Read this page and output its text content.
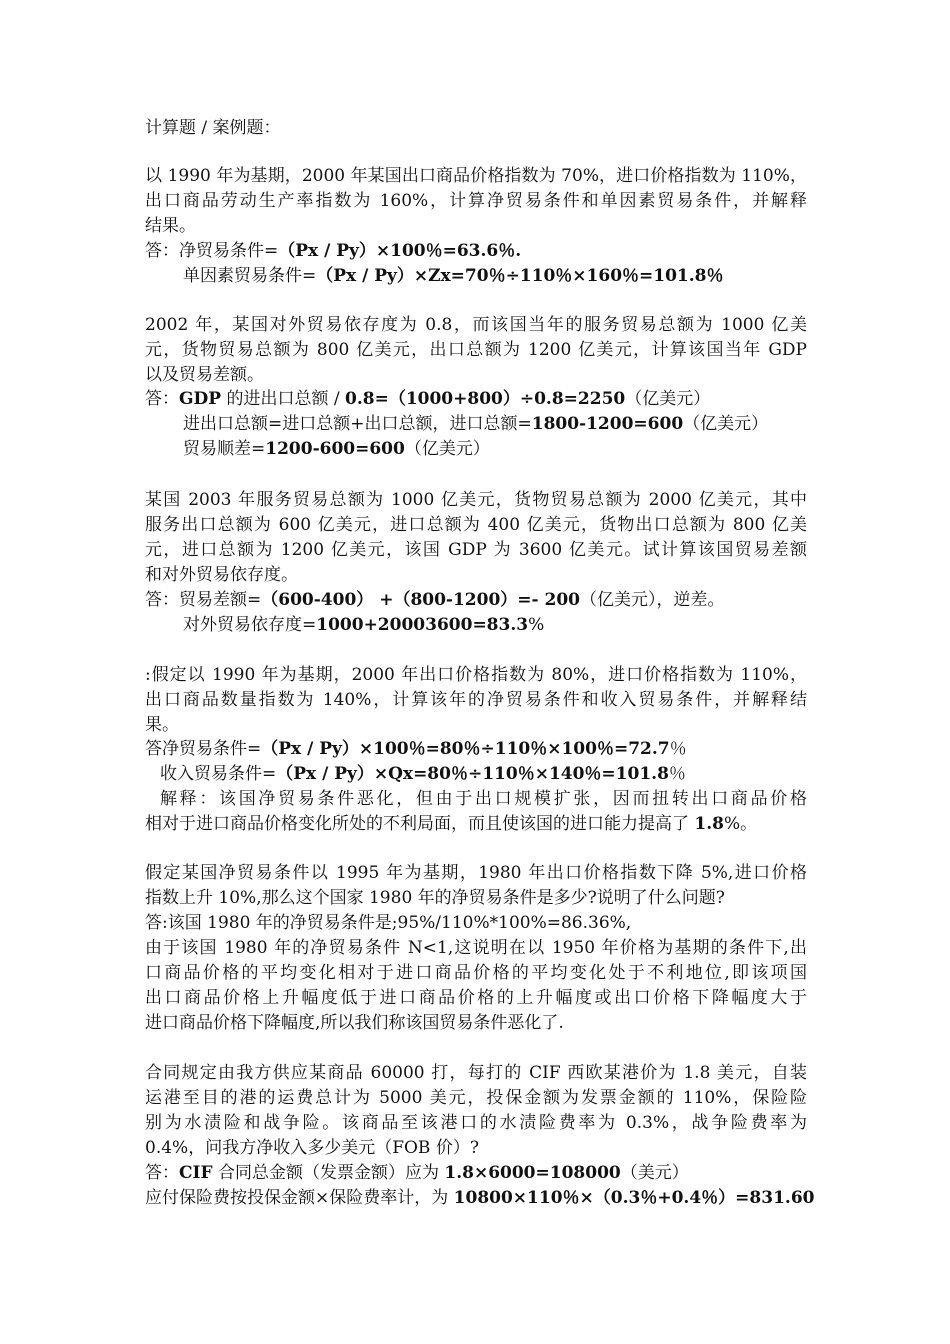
计算题 / 案例题：
以 1990 年为基期，2000 年某国出口商品价格指数为 70%，进口价格指数为 110%，
出口商品劳动生产率指数为 160%，计算净贸易条件和单因素贸易条件，并解释
结果。
答：净贸易条件=（Px / Py）×100％=63.6％.
单因素贸易条件=（Px / Py）×Zx=70％÷110％×160％=101.8％
2002 年，某国对外贸易依存度为 0.8，而该国当年的服务贸易总额为 1000 亿美
元，货物贸易总额为 800 亿美元，出口总额为 1200 亿美元，计算该国当年 GDP
以及贸易差额。
答：GDP 的进出口总额 / 0.8=（1000+800）÷0.8=2250（亿美元）
进出口总额=进口总额+出口总额，进口总额=1800-1200=600（亿美元）
贸易顺差=1200-600=600（亿美元）
某国 2003 年服务贸易总额为 1000 亿美元，货物贸易总额为 2000 亿美元，其中
服务出口总额为 600 亿美元，进口总额为 400 亿美元，货物出口总额为 800 亿美
元，进口总额为 1200 亿美元，该国 GDP 为 3600 亿美元。试计算该国贸易差额
和对外贸易依存度。
答：贸易差额=（600-400） +（800-1200）=- 200（亿美元），逆差。
对外贸易依存度=1000+20003600=83.3%
:假定以 1990 年为基期，2000 年出口价格指数为 80%，进口价格指数为 110%，
出口商品数量指数为 140%，计算该年的净贸易条件和收入贸易条件，并解释结
果。
答净贸易条件=（Px / Py）×100％=80％÷110％×100％=72.7％
收入贸易条件=（Px / Py）×Qx=80％÷110％×140％=101.8％
解释：该国净贸易条件恶化，但由于出口规模扩张，因而扭转出口商品价格
相对于进口商品价格变化所处的不利局面，而且使该国的进口能力提高了 1.8%。
假定某国净贸易条件以 1995 年为基期，1980 年出口价格指数下降 5%,进口价格
指数上升 10%,那么这个国家 1980 年的净贸易条件是多少?说明了什么问题?
答:该国 1980 年的净贸易条件是;95%/110%*100%=86.36%,
由于该国 1980 年的净贸易条件 N<1,这说明在以 1950 年价格为基期的条件下,出
口商品价格的平均变化相对于进口商品价格的平均变化处于不利地位,即该项国
出口商品价格上升幅度低于进口商品价格的上升幅度或出口价格下降幅度大于
进口商品价格下降幅度,所以我们称该国贸易条件恶化了.
合同规定由我方供应某商品 60000 打，每打的 CIF 西欧某港价为 1.8 美元，自装
运港至目的港的运费总计为 5000 美元，投保金额为发票金额的 110%，保险险
别为水渍险和战争险。该商品至该港口的水渍险费率为 0.3%，战争险费率为
0.4%，问我方净收入多少美元（FOB 价）?
答：CIF 合同总金额（发票金额）应为 1.8×6000=108000（美元）
应付保险费按投保金额×保险费率计，为 10800×110％×（0.3％+0.4％）=831.60
